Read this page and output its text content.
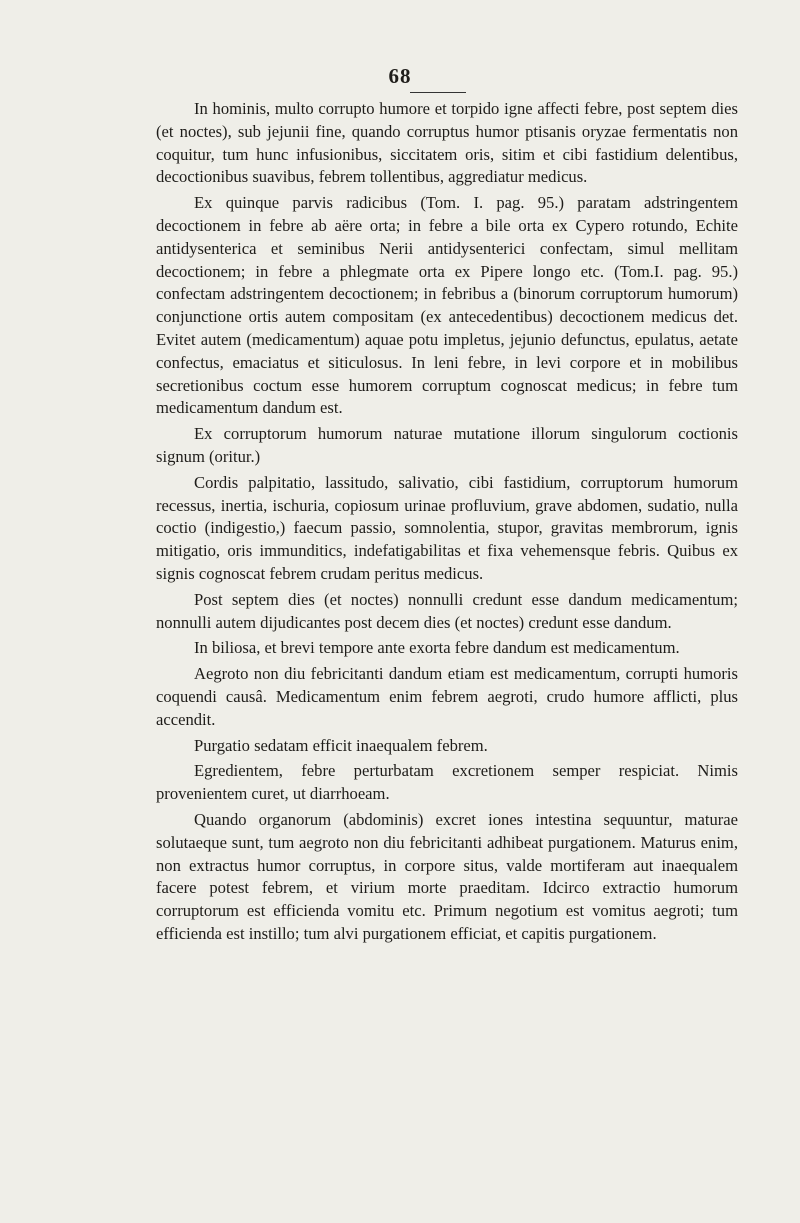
68

In hominis, multo corrupto humore et torpido igne affecti febre, post septem dies (et noctes), sub jejunii fine, quando corruptus humor ptisanis oryzae fermentatis non coquitur, tum hunc infusionibus, siccitatem oris, sitim et cibi fastidium delentibus, decoctionibus suavibus, febrem tollentibus, aggrediatur medicus.

Ex quinque parvis radicibus (Tom. I. pag. 95.) paratam adstringentem decoctionem in febre ab aëre orta; in febre a bile orta ex Cypero rotundo, Echite antidysenterica et seminibus Nerii antidysenterici confectam, simul mellitam decoctionem; in febre a phlegmate orta ex Pipere longo etc. (Tom.I. pag. 95.) confectam adstringentem decoctionem; in febribus a (binorum corruptorum humorum) conjunctione ortis autem compositam (ex antecedentibus) decoctionem medicus det. Evitet autem (medicamentum) aquae potu impletus, jejunio defunctus, epulatus, aetate confectus, emaciatus et siticulosus. In leni febre, in levi corpore et in mobilibus secretionibus coctum esse humorem corruptum cognoscat medicus; in febre tum medicamentum dandum est.

Ex corruptorum humorum naturae mutatione illorum singulorum coctionis signum (oritur.)

Cordis palpitatio, lassitudo, salivatio, cibi fastidium, corruptorum humorum recessus, inertia, ischuria, copiosum urinae profluvium, grave abdomen, sudatio, nulla coctio (indigestio,) faecum passio, somnolentia, stupor, gravitas membrorum, ignis mitigatio, oris immunditics, indefatigabilitas et fixa vehemensque febris. Quibus ex signis cognoscat febrem crudam peritus medicus.

Post septem dies (et noctes) nonnulli credunt esse dandum medicamentum; nonnulli autem dijudicantes post decem dies (et noctes) credunt esse dandum.

In biliosa, et brevi tempore ante exorta febre dandum est medicamentum.

Aegroto non diu febricitanti dandum etiam est medicamentum, corrupti humoris coquendi causâ. Medicamentum enim febrem aegroti, crudo humore afflicti, plus accendit.

Purgatio sedatam efficit inaequalem febrem.

Egredientem, febre perturbatam excretionem semper respiciat. Nimis provenientem curet, ut diarrhoeam.

Quando organorum (abdominis) excret iones intestina sequuntur, maturae solutaeque sunt, tum aegroto non diu febricitanti adhibeat purgationem. Maturus enim, non extractus humor corruptus, in corpore situs, valde mortiferam aut inaequalem facere potest febrem, et virium morte praeditam. Idcirco extractio humorum corruptorum est efficienda vomitu etc. Primum negotium est vomitus aegroti; tum efficienda est instillo; tum alvi purgationem efficiat, et capitis purgationem.
